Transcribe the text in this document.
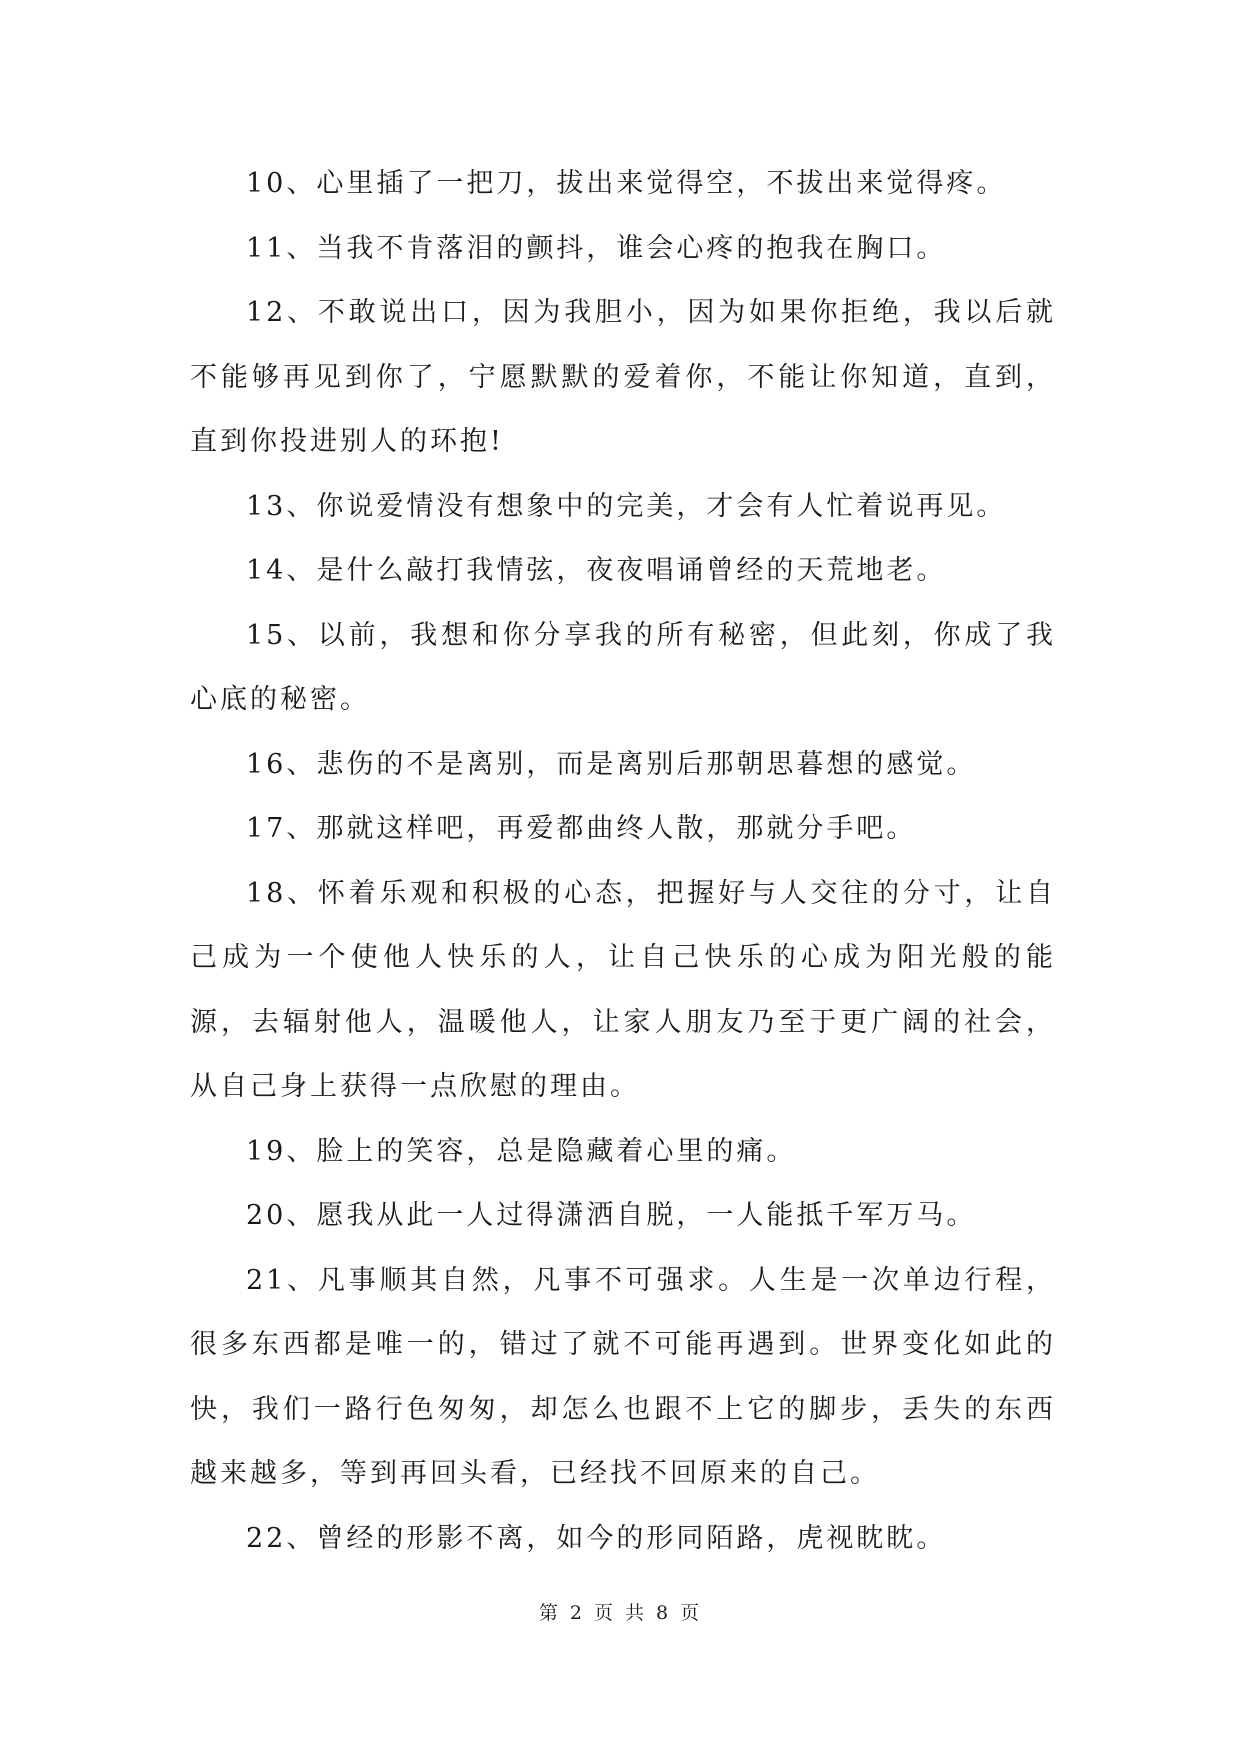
10、心里插了一把刀，拔出来觉得空，不拔出来觉得疼。

11、当我不肯落泪的颤抖，谁会心疼的抱我在胸口。

12、不敢说出口，因为我胆小，因为如果你拒绝，我以后就不能够再见到你了，宁愿默默的爱着你，不能让你知道，直到，直到你投进别人的环抱!

13、你说爱情没有想象中的完美，才会有人忙着说再见。

14、是什么敲打我情弦，夜夜唱诵曾经的天荒地老。

15、以前，我想和你分享我的所有秘密，但此刻，你成了我心底的秘密。

16、悲伤的不是离别，而是离别后那朝思暮想的感觉。

17、那就这样吧，再爱都曲终人散，那就分手吧。

18、怀着乐观和积极的心态，把握好与人交往的分寸，让自己成为一个使他人快乐的人，让自己快乐的心成为阳光般的能源，去辐射他人，温暖他人，让家人朋友乃至于更广阔的社会，从自己身上获得一点欣慰的理由。

19、脸上的笑容，总是隐藏着心里的痛。

20、愿我从此一人过得潇洒自脱，一人能抵千军万马。

21、凡事顺其自然，凡事不可强求。人生是一次单边行程，很多东西都是唯一的，错过了就不可能再遇到。世界变化如此的快，我们一路行色匆匆，却怎么也跟不上它的脚步，丢失的东西越来越多，等到再回头看，已经找不回原来的自己。

22、曾经的形影不离，如今的形同陌路，虎视眈眈。

第 2 页 共 8 页
